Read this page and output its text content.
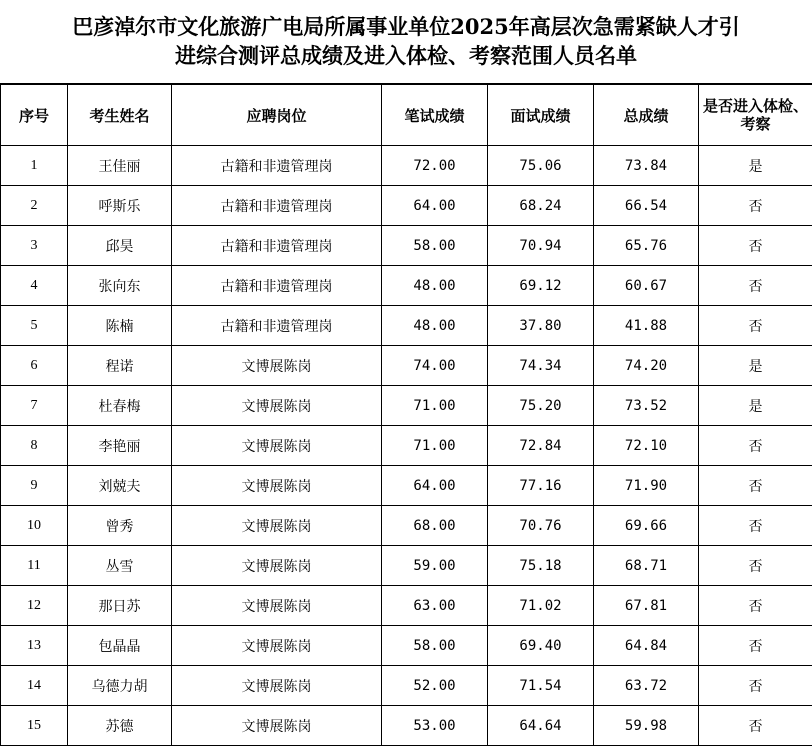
巴彦淖尔市文化旅游广电局所属事业单位2025年高层次急需紧缺人才引
进综合测评总成绩及进入体检、考察范围人员名单
序号	考生姓名	应聘岗位	笔试成绩	面试成绩	总成绩	是否进入体检、考察
1	王佳丽	古籍和非遗管理岗	72.00	75.06	73.84	是
2	呼斯乐	古籍和非遗管理岗	64.00	68.24	66.54	否
3	邱昊	古籍和非遗管理岗	58.00	70.94	65.76	否
4	张向东	古籍和非遗管理岗	48.00	69.12	60.67	否
5	陈楠	古籍和非遗管理岗	48.00	37.80	41.88	否
6	程诺	文博展陈岗	74.00	74.34	74.20	是
7	杜春梅	文博展陈岗	71.00	75.20	73.52	是
8	李艳丽	文博展陈岗	71.00	72.84	72.10	否
9	刘兢夫	文博展陈岗	64.00	77.16	71.90	否
10	曾秀	文博展陈岗	68.00	70.76	69.66	否
11	丛雪	文博展陈岗	59.00	75.18	68.71	否
12	那日苏	文博展陈岗	63.00	71.02	67.81	否
13	包晶晶	文博展陈岗	58.00	69.40	64.84	否
14	乌德力胡	文博展陈岗	52.00	71.54	63.72	否
15	苏德	文博展陈岗	53.00	64.64	59.98	否
